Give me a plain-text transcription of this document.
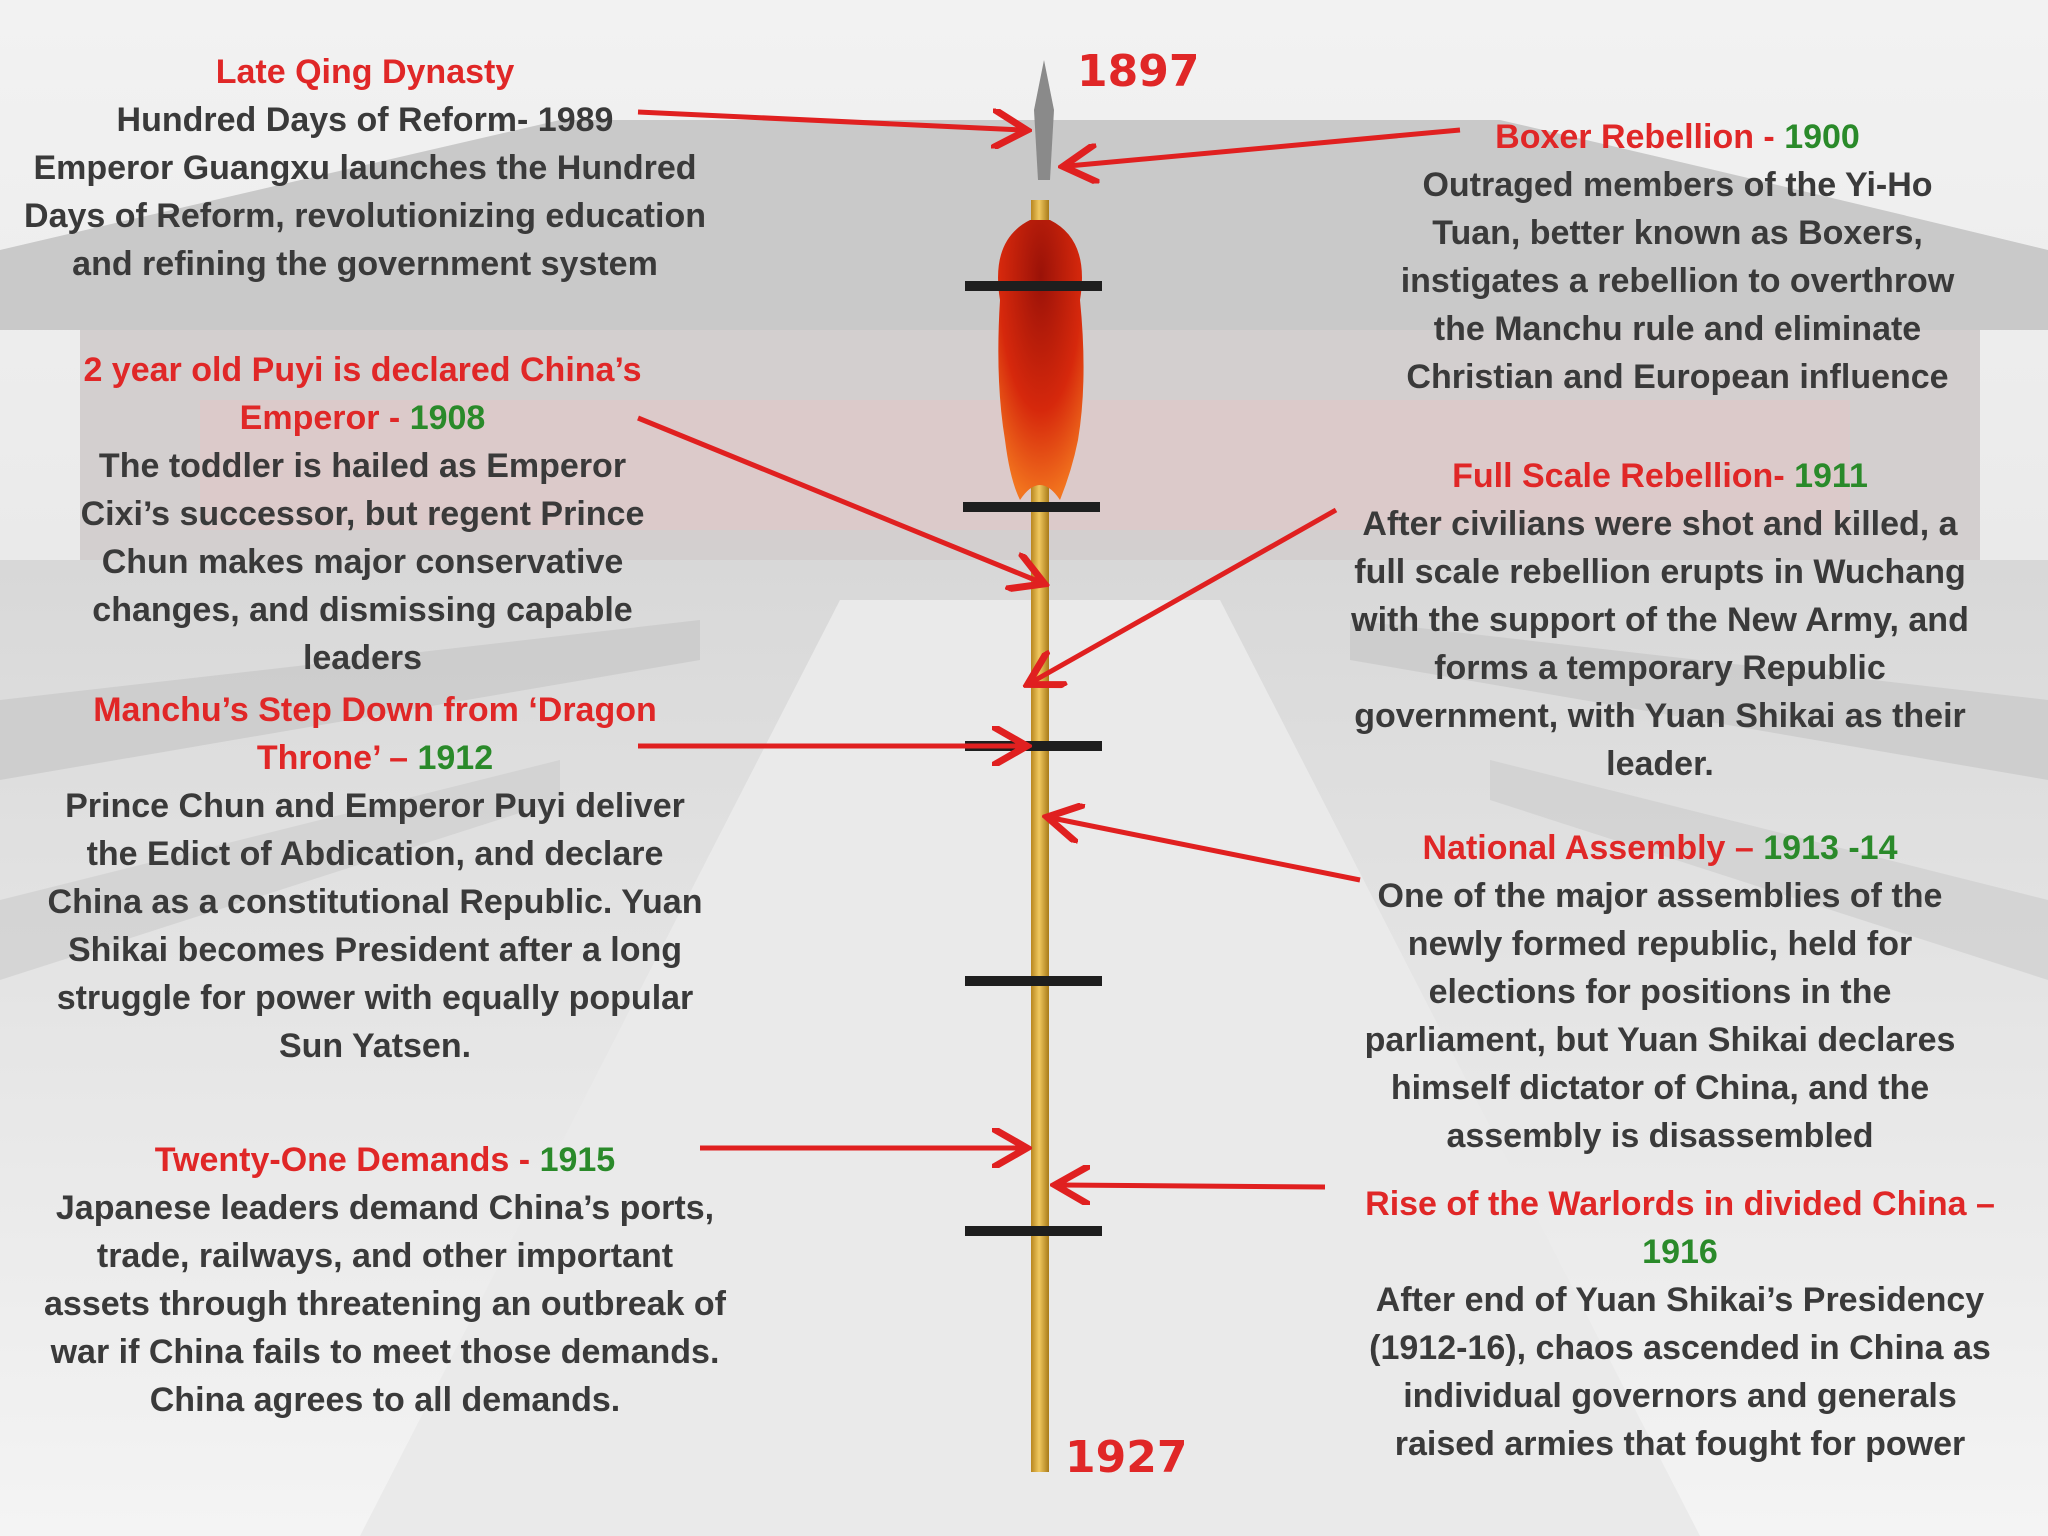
1897
1927
Late Qing Dynasty
Hundred Days of Reform- 1989
Emperor Guangxu launches the Hundred Days of Reform, revolutionizing education and refining the government system
2 year old Puyi is declared China’s Emperor - 1908
The toddler is hailed as Emperor Cixi’s successor, but regent Prince Chun makes major conservative changes, and dismissing capable leaders
Manchu’s Step Down from ‘Dragon Throne’ – 1912
Prince Chun and Emperor Puyi deliver the Edict of Abdication, and declare China as a constitutional Republic. Yuan Shikai becomes President after a long struggle for power with equally popular Sun Yatsen.
Twenty-One Demands - 1915
Japanese leaders demand China’s ports, trade, railways, and other important assets through threatening an outbreak of war if China fails to meet those demands. China agrees to all demands.
Boxer Rebellion - 1900
Outraged members of the Yi-Ho Tuan, better known as Boxers, instigates a rebellion to overthrow the Manchu rule and eliminate Christian and European influence
Full Scale Rebellion- 1911
After civilians were shot and killed, a full scale rebellion erupts in Wuchang with the support of the New Army, and forms a temporary Republic government, with Yuan Shikai as their leader.
National Assembly – 1913 -14
One of the major assemblies of the newly formed republic, held for elections for positions in the parliament, but Yuan Shikai declares himself dictator of China, and the assembly is disassembled
Rise of the Warlords in divided China –
1916
After end of Yuan Shikai’s Presidency (1912-16), chaos ascended in China as individual governors and generals raised armies that fought for power
